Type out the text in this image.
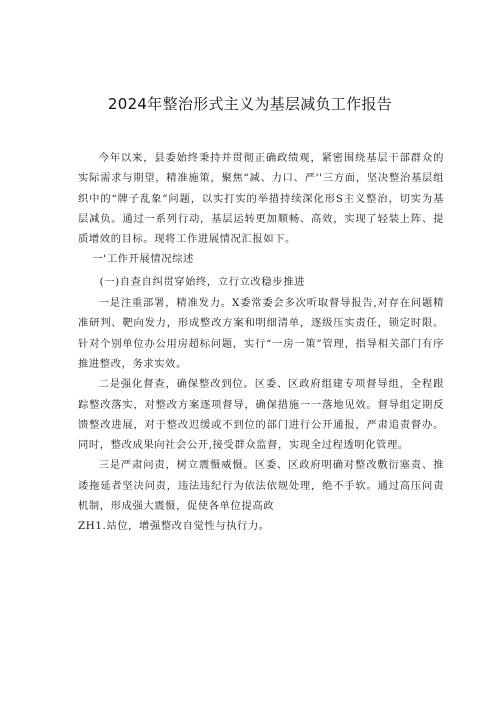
2024年整治形式主义为基层减负工作报告

今年以来，县委始终秉持并贯彻正确政绩观，紧密围绕基层干部群众的实际需求与期望，精准施策，聚焦“减、力口、严''三方面，坚决整治基层组织中的“牌子乱象”问题，以实打实的举措持续深化形S主义整治，切实为基层减负。通过一系列行动，基层运转更加顺畅、高效，实现了轻装上阵、提质增效的目标。现将工作进展情况汇报如下。

一'工作开展情况综述

(一)自查自纠贯穿始终，立行立改稳步推进

一是注重部署，精准发力。X委常委会多次听取督导报告,对存在问题精准研判、靶向发力，形成整改方案和明细清单，逐级压实责任，锁定时限。针对个别单位办公用房超标问题，实行“一房一策”管理，指导相关部门有序推进整改，务求实效。

二是强化督查，确保整改到位。区委、区政府组建专项督导组，全程跟踪整改落实，对整改方案逐项督导，确保措施一一落地见效。督导组定期反馈整改进展，对于整改迟缓或不到位的部门进行公开通报，严肃追责督办。同时，整改成果向社会公开,接受群众监督，实现全过程透明化管理。

三是严肃问责，树立震慑威慑。区委、区政府明确对整改敷衍塞责、推诿拖延者坚决问责，违法违纪行为依法依规处理，绝不手软。通过高压问责机制，形成强大震慑，促使各单位提高政

ZH1.站位，增强整改自觉性与执行力。
